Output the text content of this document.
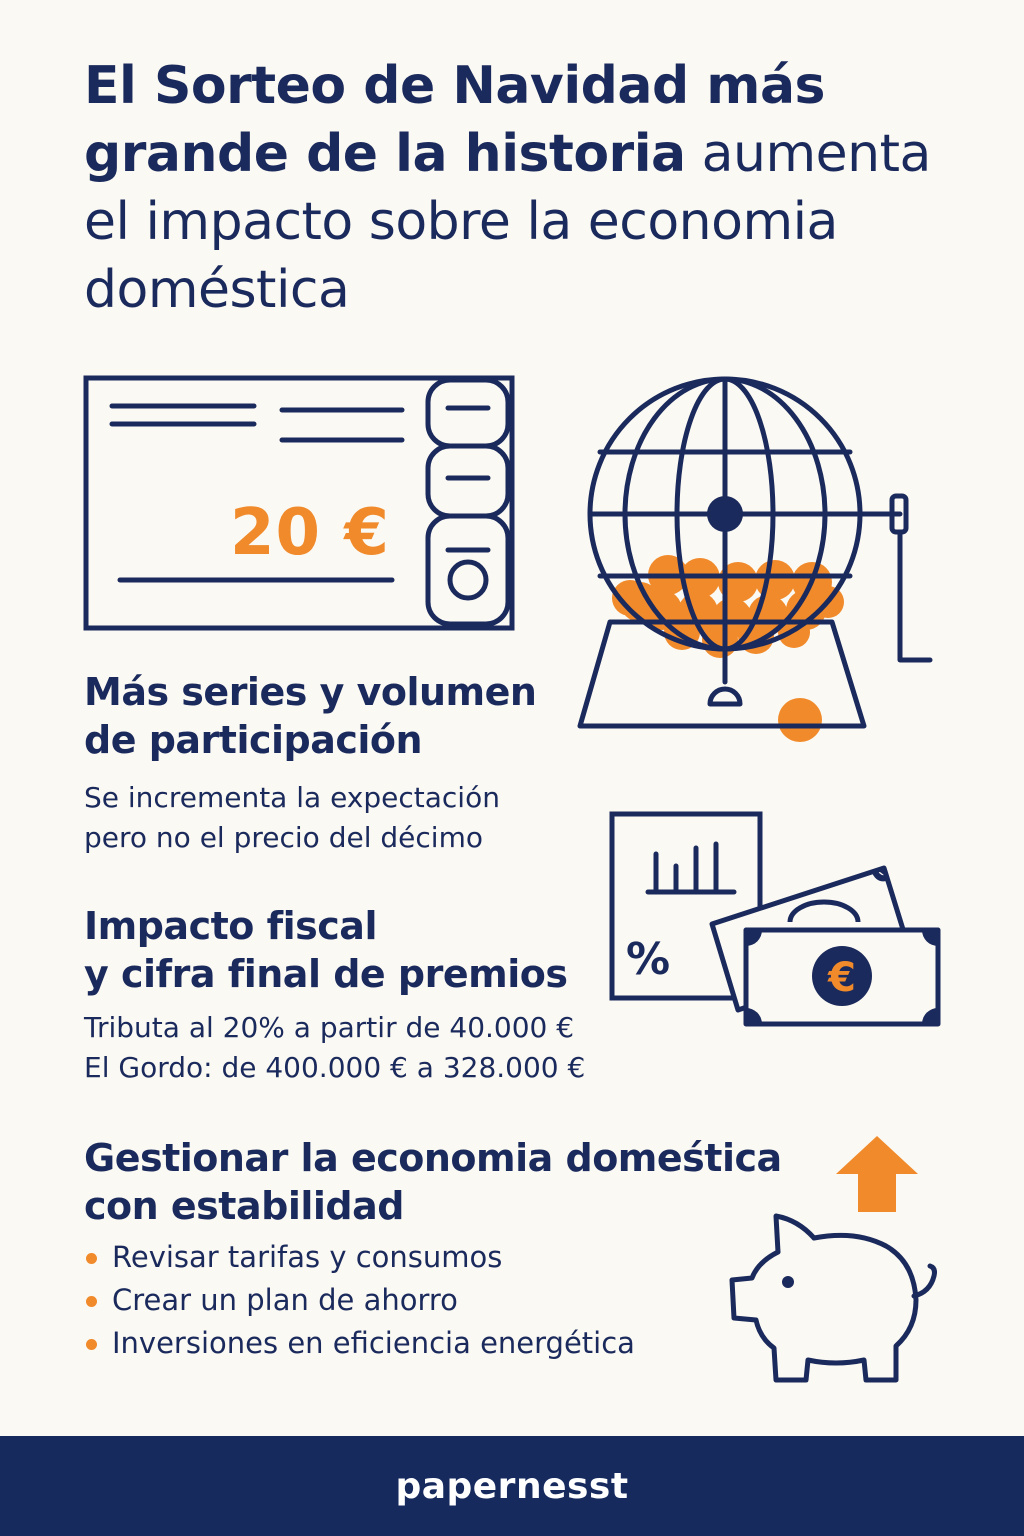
El Sorteo de Navidad más grande de la historia aumenta el impacto sobre la economia doméstica
20 €
Más series y volumen
de participación

Se incrementa la expectación
pero no el precio del décimo

%	€
Impacto fiscal
y cifra final de premios

Tributa al 20% a partir de 40.000 €
El Gordo: de 400.000 € a 328.000 €

Gestionar la economia domeśtica
con estabilidad
Revisar tarifas y consumos
Crear un plan de ahorro
Inversiones en eficiencia energética
papernesst
